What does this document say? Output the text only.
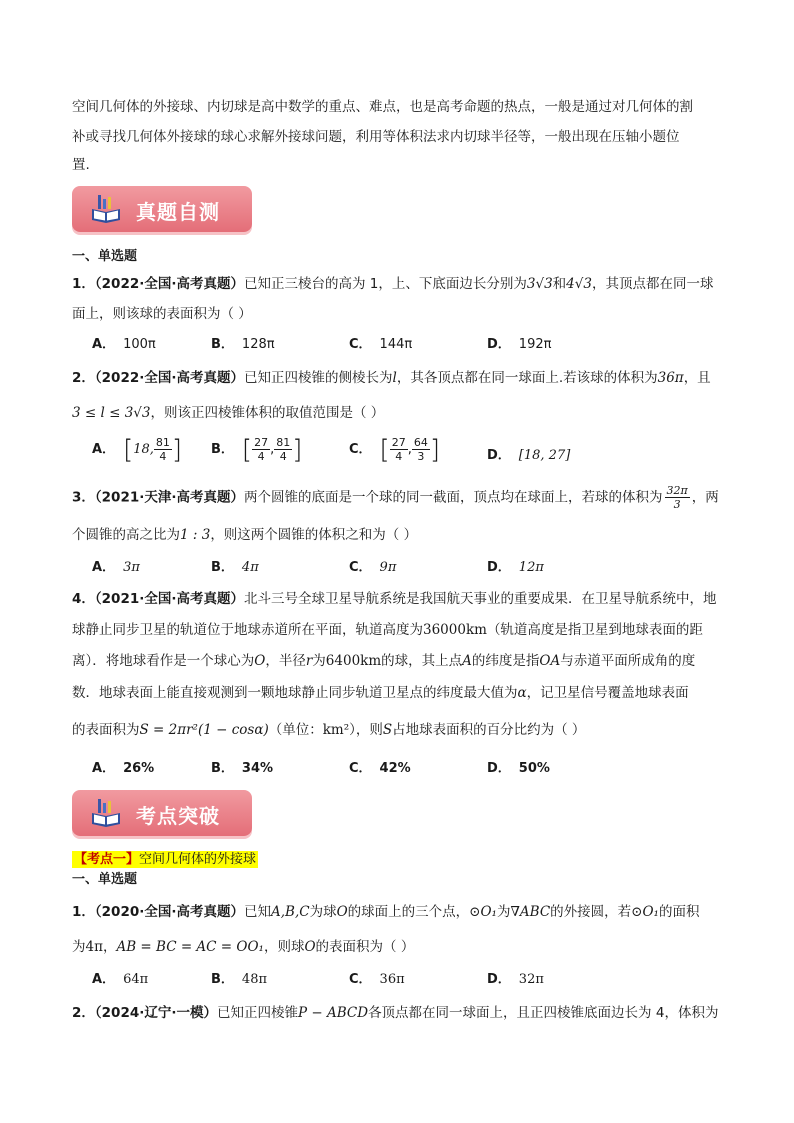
空间几何体的外接球、内切球是高中数学的重点、难点，也是高考命题的热点，一般是通过对几何体的割
补或寻找几何体外接球的球心求解外接球问题，利用等体积法求内切球半径等，一般出现在压轴小题位
置.
真题自测
一、单选题
1．（2022·全国·高考真题）已知正三棱台的高为 1，上、下底面边长分别为3√3和4√3，其顶点都在同一球
面上，则该球的表面积为（ ）
A． 100π	B． 128π	C． 144π	D． 192π
2．（2022·全国·高考真题）已知正四棱锥的侧棱长为l，其各顶点都在同一球面上.若该球的体积为36π，且
3 ≤ l ≤ 3√3，则该正四棱锥体积的取值范围是（ ）
A． [18, $\frac{81}{4}$ ] B． [ $\frac{27}{4}$ , $\frac{81}{4}$ ]	C． [ $\frac{27}{4}$ , $\frac{64}{3}$ ]	D． [18, 27]
3．（2021·天津·高考真题）两个圆锥的底面是一个球的同一截面，顶点均在球面上，若球的体积为 $\frac{32\pi}{3}$ ，两
个圆锥的高之比为1 : 3，则这两个圆锥的体积之和为（ ）
A． 3π	B． 4π	C． 9π	D． 12π
4．（2021·全国·高考真题）北斗三号全球卫星导航系统是我国航天事业的重要成果．在卫星导航系统中，地
球静止同步卫星的轨道位于地球赤道所在平面，轨道高度为36000km（轨道高度是指卫星到地球表面的距
离）．将地球看作是一个球心为O，半径r为6400km的球，其上点A的纬度是指OA与赤道平面所成角的度
数．地球表面上能直接观测到一颗地球静止同步轨道卫星点的纬度最大值为α，记卫星信号覆盖地球表面
的表面积为S = 2πr²(1 − cosα)（单位：km²），则S占地球表面积的百分比约为（ ）
A． 26%	B． 34%	C． 42%	D． 50%
考点突破
【考点一】空间几何体的外接球
一、单选题
1．（2020·全国·高考真题）已知A,B,C为球O的球面上的三个点，⊙O₁为∇ABC的外接圆，若⊙O₁的面积
为4π，AB = BC = AC = OO₁，则球O的表面积为（ ）
A． 64π	B． 48π	C． 36π	D． 32π
2．（2024·辽宁·一模）已知正四棱锥P − ABCD各顶点都在同一球面上，且正四棱锥底面边长为 4，体积为
